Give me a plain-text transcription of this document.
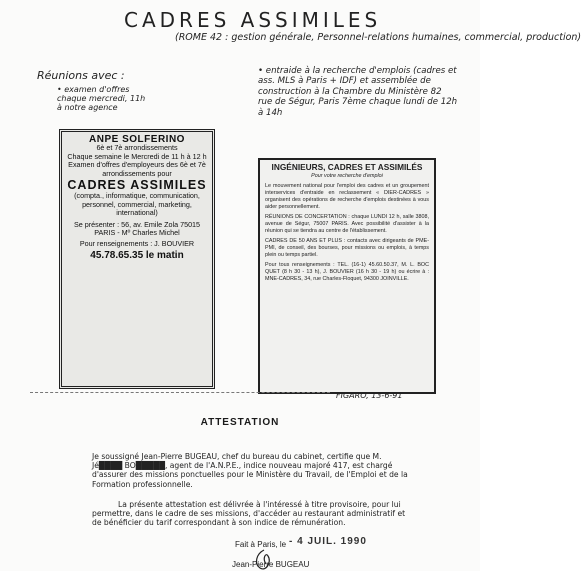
CADRES ASSIMILES
(ROME 42 : gestion générale, Personnel-relations humaines, commercial, production)
Réunions avec :
• examen d'offres chaque mercredi, 11h à notre agence
• entraide à la recherche d'emplois (cadres et ass. MLS à Paris + IDF) et assemblée de construction à la Chambre du Ministère 82 rue de Ségur, Paris 7ème chaque lundi de 12h à 14h
ANPE SOLFERINO
6è et 7è arrondissements
Chaque semaine le Mercredi de 11 h à 12 h
Examen d'offres d'employeurs des 6è et 7è arrondissements pour
CADRES ASSIMILES
(compta., informatique, communication, personnel, commercial, marketing, international)
Se présenter : 56, av. Emile Zola 75015 PARIS - Mº Charles Michel
Pour renseignements : J. BOUVIER
45.78.65.35 le matin
INGÉNIEURS, CADRES ET ASSIMILÉS
Pour votre recherche d'emploi

Le mouvement national pour l'emploi des cadres et un groupement interservices d'entraide en reclassement « DIER-CADRES » organisent des opérations de recherche d'emplois destinées à vous aider personnellement.

RÉUNIONS DE CONCERTATION : chaque LUNDI 12 h, salle 3808, avenue de Ségur, 75007 PARIS. Avec possibilité d'assister à la réunion qui se tiendra au centre de l'établissement.

CADRES DE 50 ANS ET PLUS : contacts avec dirigeants de PME-PMI, de conseil, des bourses, pour missions ou emplois, à temps plein ou temps partiel.

Pour tous renseignements : TEL. (16-1) 45.60.50.37, M. L. BOC QUET (8 h 30 - 13 h), J. BOUVIER (16 h 30 - 19 h) ou écrire à : MNE-CADRES, 34, rue Charles-Floquet, 94300 JOINVILLE.

FIGARO, 13-6-91
ATTESTATION
Je soussigné Jean-Pierre BUGEAU, chef du bureau du cabinet, certifie que M. Jé████ BO█████, agent de l'A.N.P.E., indice nouveau majoré 417, est chargé d'assurer des missions ponctuelles pour le Ministère du Travail, de l'Emploi et de la Formation professionnelle.
La présente attestation est délivrée à l'intéressé à titre provisoire, pour lui permettre, dans le cadre de ses missions, d'accéder au restaurant administratif et de bénéficier du tarif correspondant à son indice de rémunération.
Fait à Paris, le - 4 JUIL. 1990
Jean-Pierre BUGEAU
